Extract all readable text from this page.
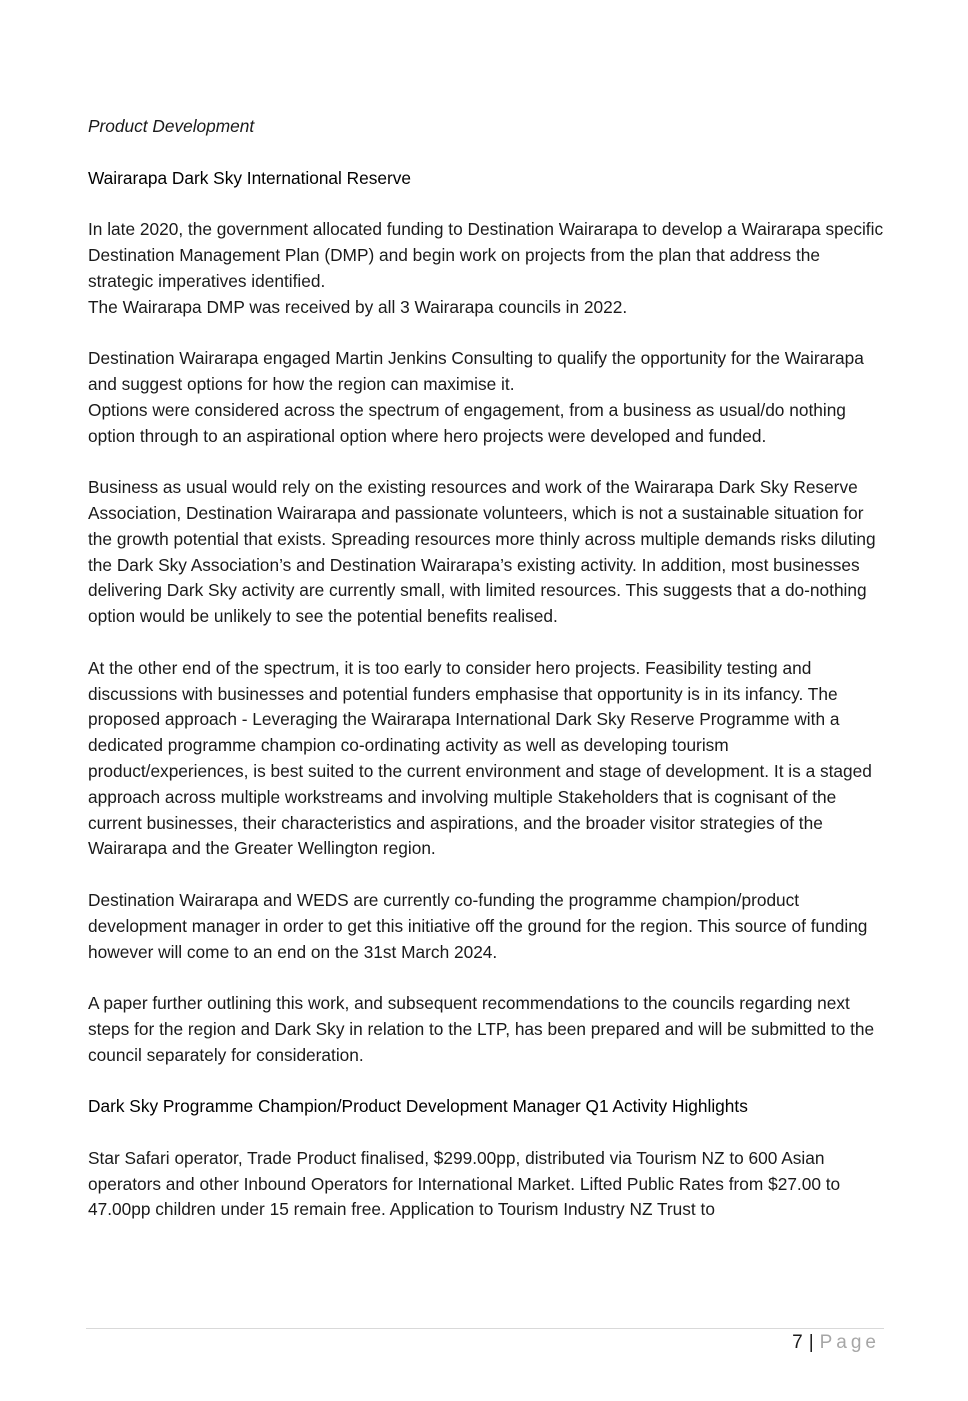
Product Development

Wairarapa Dark Sky International Reserve

In late 2020, the government allocated funding to Destination Wairarapa to develop a Wairarapa specific Destination Management Plan (DMP) and begin work on projects from the plan that address the strategic imperatives identified.

The Wairarapa DMP was received by all 3 Wairarapa councils in 2022.

Destination Wairarapa engaged Martin Jenkins Consulting to qualify the opportunity for the Wairarapa and suggest options for how the region can maximise it.

Options were considered across the spectrum of engagement, from a business as usual/do nothing option through to an aspirational option where hero projects were developed and funded.

Business as usual would rely on the existing resources and work of the Wairarapa Dark Sky Reserve Association, Destination Wairarapa and passionate volunteers, which is not a sustainable situation for the growth potential that exists. Spreading resources more thinly across multiple demands risks diluting the Dark Sky Association’s and Destination Wairarapa’s existing activity. In addition, most businesses delivering Dark Sky activity are currently small, with limited resources. This suggests that a do-nothing option would be unlikely to see the potential benefits realised.

At the other end of the spectrum, it is too early to consider hero projects. Feasibility testing and discussions with businesses and potential funders emphasise that opportunity is in its infancy. The proposed approach - Leveraging the Wairarapa International Dark Sky Reserve Programme with a dedicated programme champion co-ordinating activity as well as developing tourism product/experiences, is best suited to the current environment and stage of development. It is a staged approach across multiple workstreams and involving multiple Stakeholders that is cognisant of the current businesses, their characteristics and aspirations, and the broader visitor strategies of the Wairarapa and the Greater Wellington region.

Destination Wairarapa and WEDS are currently co-funding the programme champion/product development manager in order to get this initiative off the ground for the region. This source of funding however will come to an end on the 31st March 2024.

A paper further outlining this work, and subsequent recommendations to the councils regarding next steps for the region and Dark Sky in relation to the LTP, has been prepared and will be submitted to the council separately for consideration.

Dark Sky Programme Champion/Product Development Manager Q1 Activity Highlights

Star Safari operator, Trade Product finalised, $299.00pp, distributed via Tourism NZ to 600 Asian operators and other Inbound Operators for International Market. Lifted Public Rates from $27.00 to 47.00pp children under 15 remain free. Application to Tourism Industry NZ Trust to

7 | Page
